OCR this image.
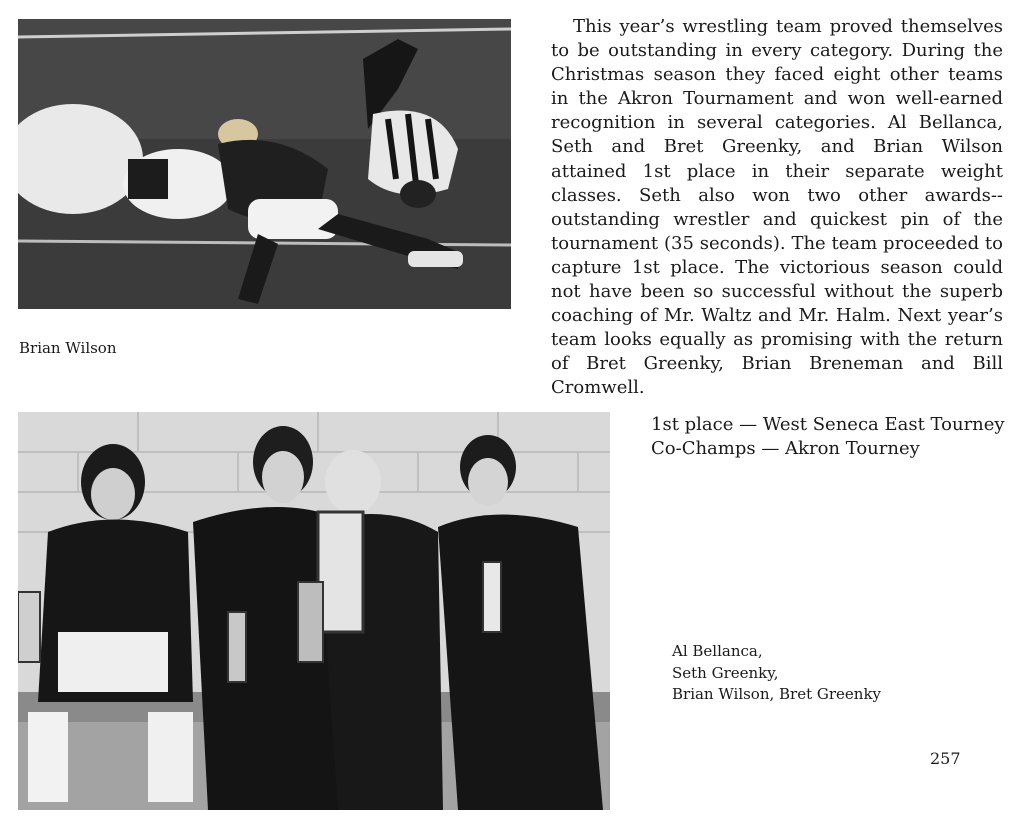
Brian Wilson

This year’s wrestling team proved themselves to be outstanding in every category. During the Christmas season they faced eight other teams in the Akron Tournament and won well-earned recognition in several categories. Al Bellanca, Seth and Bret Greenky, and Brian Wilson attained 1st place in their separate weight classes. Seth also won two other awards--outstanding wrestler and quickest pin of the tournament (35 seconds). The team proceeded to capture 1st place. The victorious season could not have been so successful without the superb coaching of Mr. Waltz and Mr. Halm. Next year’s team looks equally as promising with the return of Bret Greenky, Brian Breneman and Bill Cromwell.

1st place — West Seneca East Tourney
Co-Champs — Akron Tourney
Al Bellanca,
Seth Greenky,
Brian Wilson, Bret Greenky
257
